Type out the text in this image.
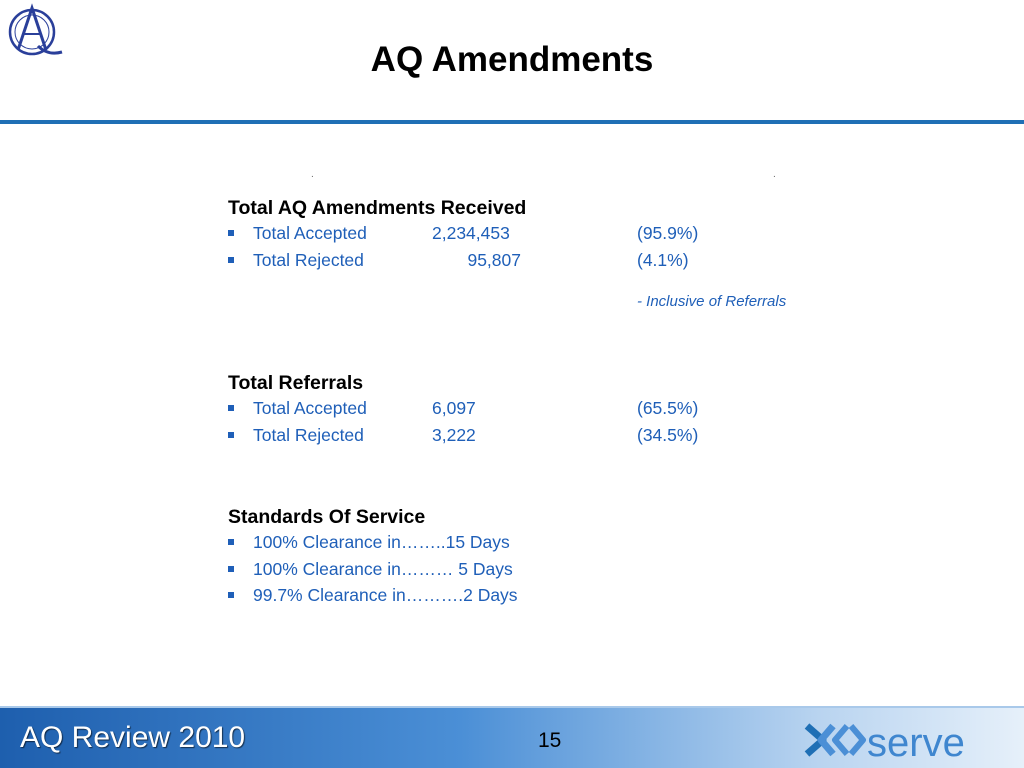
AQ Amendments
.	.
Total AQ Amendments Received
Total Accepted	2,234,453	(95.9%)
Total Rejected	95,807	(4.1%)
- Inclusive of Referrals
Total Referrals
Total Accepted	6,097	(65.5%)
Total Rejected	3,222	(34.5%)
Standards Of Service
100% Clearance in……..15 Days
100% Clearance in……… 5 Days
99.7% Clearance in……….2 Days
AQ Review 2010	15	serve
